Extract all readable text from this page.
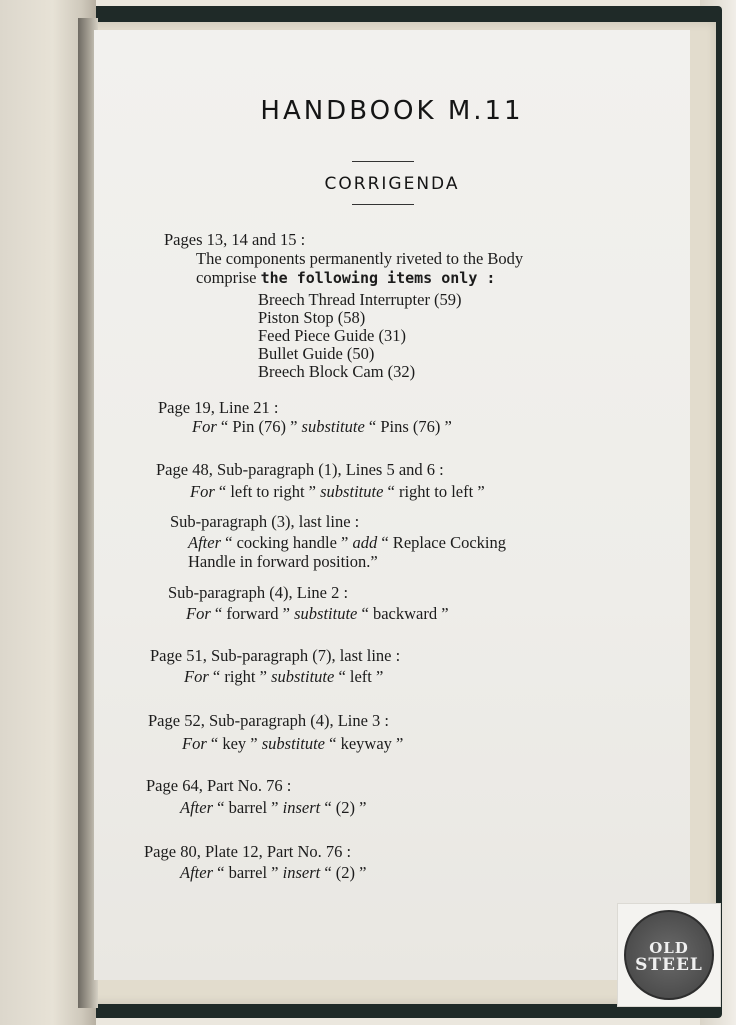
HANDBOOK M.11
CORRIGENDA
Pages 13, 14 and 15 :
The components permanently riveted to the Body
comprise the following items only :
Breech Thread Interrupter (59)
Piston Stop (58)
Feed Piece Guide (31)
Bullet Guide (50)
Breech Block Cam (32)
Page 19, Line 21 :
For “ Pin (76) ” substitute “ Pins (76) ”
Page 48, Sub-paragraph (1), Lines 5 and 6 :
For “ left to right ” substitute “ right to left ”
Sub-paragraph (3), last line :
After “ cocking handle ” add “ Replace Cocking
Handle in forward position.”
Sub-paragraph (4), Line 2 :
For “ forward ” substitute “ backward ”
Page 51, Sub-paragraph (7), last line :
For “ right ” substitute “ left ”
Page 52, Sub-paragraph (4), Line 3 :
For “ key ” substitute “ keyway ”
Page 64, Part No. 76 :
After “ barrel ” insert “ (2) ”
Page 80, Plate 12, Part No. 76 :
After “ barrel ” insert “ (2) ”
OLD
STEEL
